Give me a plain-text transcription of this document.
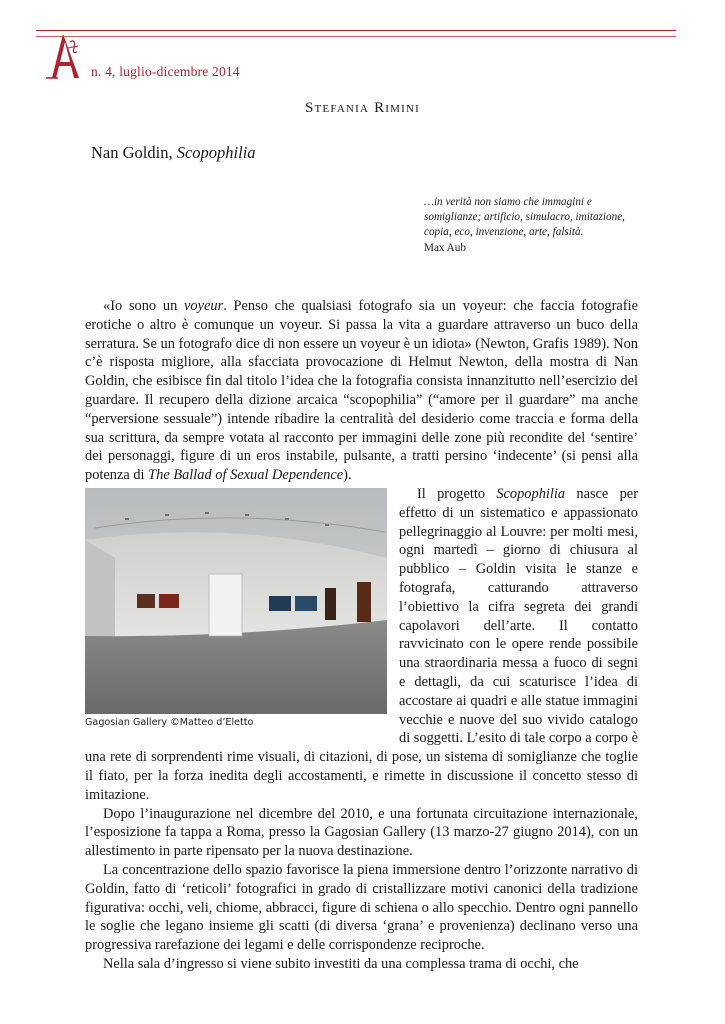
n. 4, luglio-dicembre 2014
Stefania Rimini
Nan Goldin, Scopophilia
…in verità non siamo che immagini e somiglianze; artificio, simulacro, imitazione, copia, eco, invenzione, arte, falsità.
Max Aub

«Io sono un voyeur. Penso che qualsiasi fotografo sia un voyeur: che faccia fotografie erotiche o altro è comunque un voyeur. Si passa la vita a guardare attraverso un buco della serratura. Se un fotografo dice di non essere un voyeur è un idiota» (Newton, Grafis 1989). Non c’è risposta migliore, alla sfacciata provocazione di Helmut Newton, della mostra di Nan Goldin, che esibisce fin dal titolo l’idea che la fotografia consista innanzitutto nell’esercizio del guardare. Il recupero della dizione arcaica “scopophilia” (“amore per il guardare” ma anche “perversione sessuale”) intende ribadire la centralità del desiderio come traccia e forma della sua scrittura, da sempre votata al racconto per immagini delle zone più recondite del ‘sentire’ dei personaggi, figure di un eros instabile, pulsante, a tratti persino ‘indecente’ (si pensi alla potenza di The Ballad of Sexual Dependence).

Gagosian Gallery ©Matteo d’Eletto

Il progetto Scopophilia nasce per effetto di un sistematico e appassionato pellegrinaggio al Louvre: per molti mesi, ogni martedì – giorno di chiusura al pubblico – Goldin visita le stanze e fotografa, catturando attraverso l’obiettivo la cifra segreta dei grandi capolavori dell’arte. Il contatto ravvicinato con le opere rende possibile una straordinaria messa a fuoco di segni e dettagli, da cui scaturisce l’idea di accostare ai quadri e alle statue immagini vecchie e nuove del suo vivido catalogo di soggetti. L’esito di tale corpo a corpo è una rete di sorprendenti rime visuali, di citazioni, di pose, un sistema di somiglianze che toglie il fiato, per la forza inedita degli accostamenti, e rimette in discussione il concetto stesso di imitazione.

Dopo l’inaugurazione nel dicembre del 2010, e una fortunata circuitazione internazionale, l’esposizione fa tappa a Roma, presso la Gagosian Gallery (13 marzo-27 giugno 2014), con un allestimento in parte ripensato per la nuova destinazione.

La concentrazione dello spazio favorisce la piena immersione dentro l’orizzonte narrativo di Goldin, fatto di ‘reticoli’ fotografici in grado di cristallizzare motivi canonici della tradizione figurativa: occhi, veli, chiome, abbracci, figure di schiena o allo specchio. Dentro ogni pannello le soglie che legano insieme gli scatti (di diversa ‘grana’ e provenienza) declinano verso una progressiva rarefazione dei legami e delle corrispondenze reciproche.

Nella sala d’ingresso si viene subito investiti da una complessa trama di occhi, che
